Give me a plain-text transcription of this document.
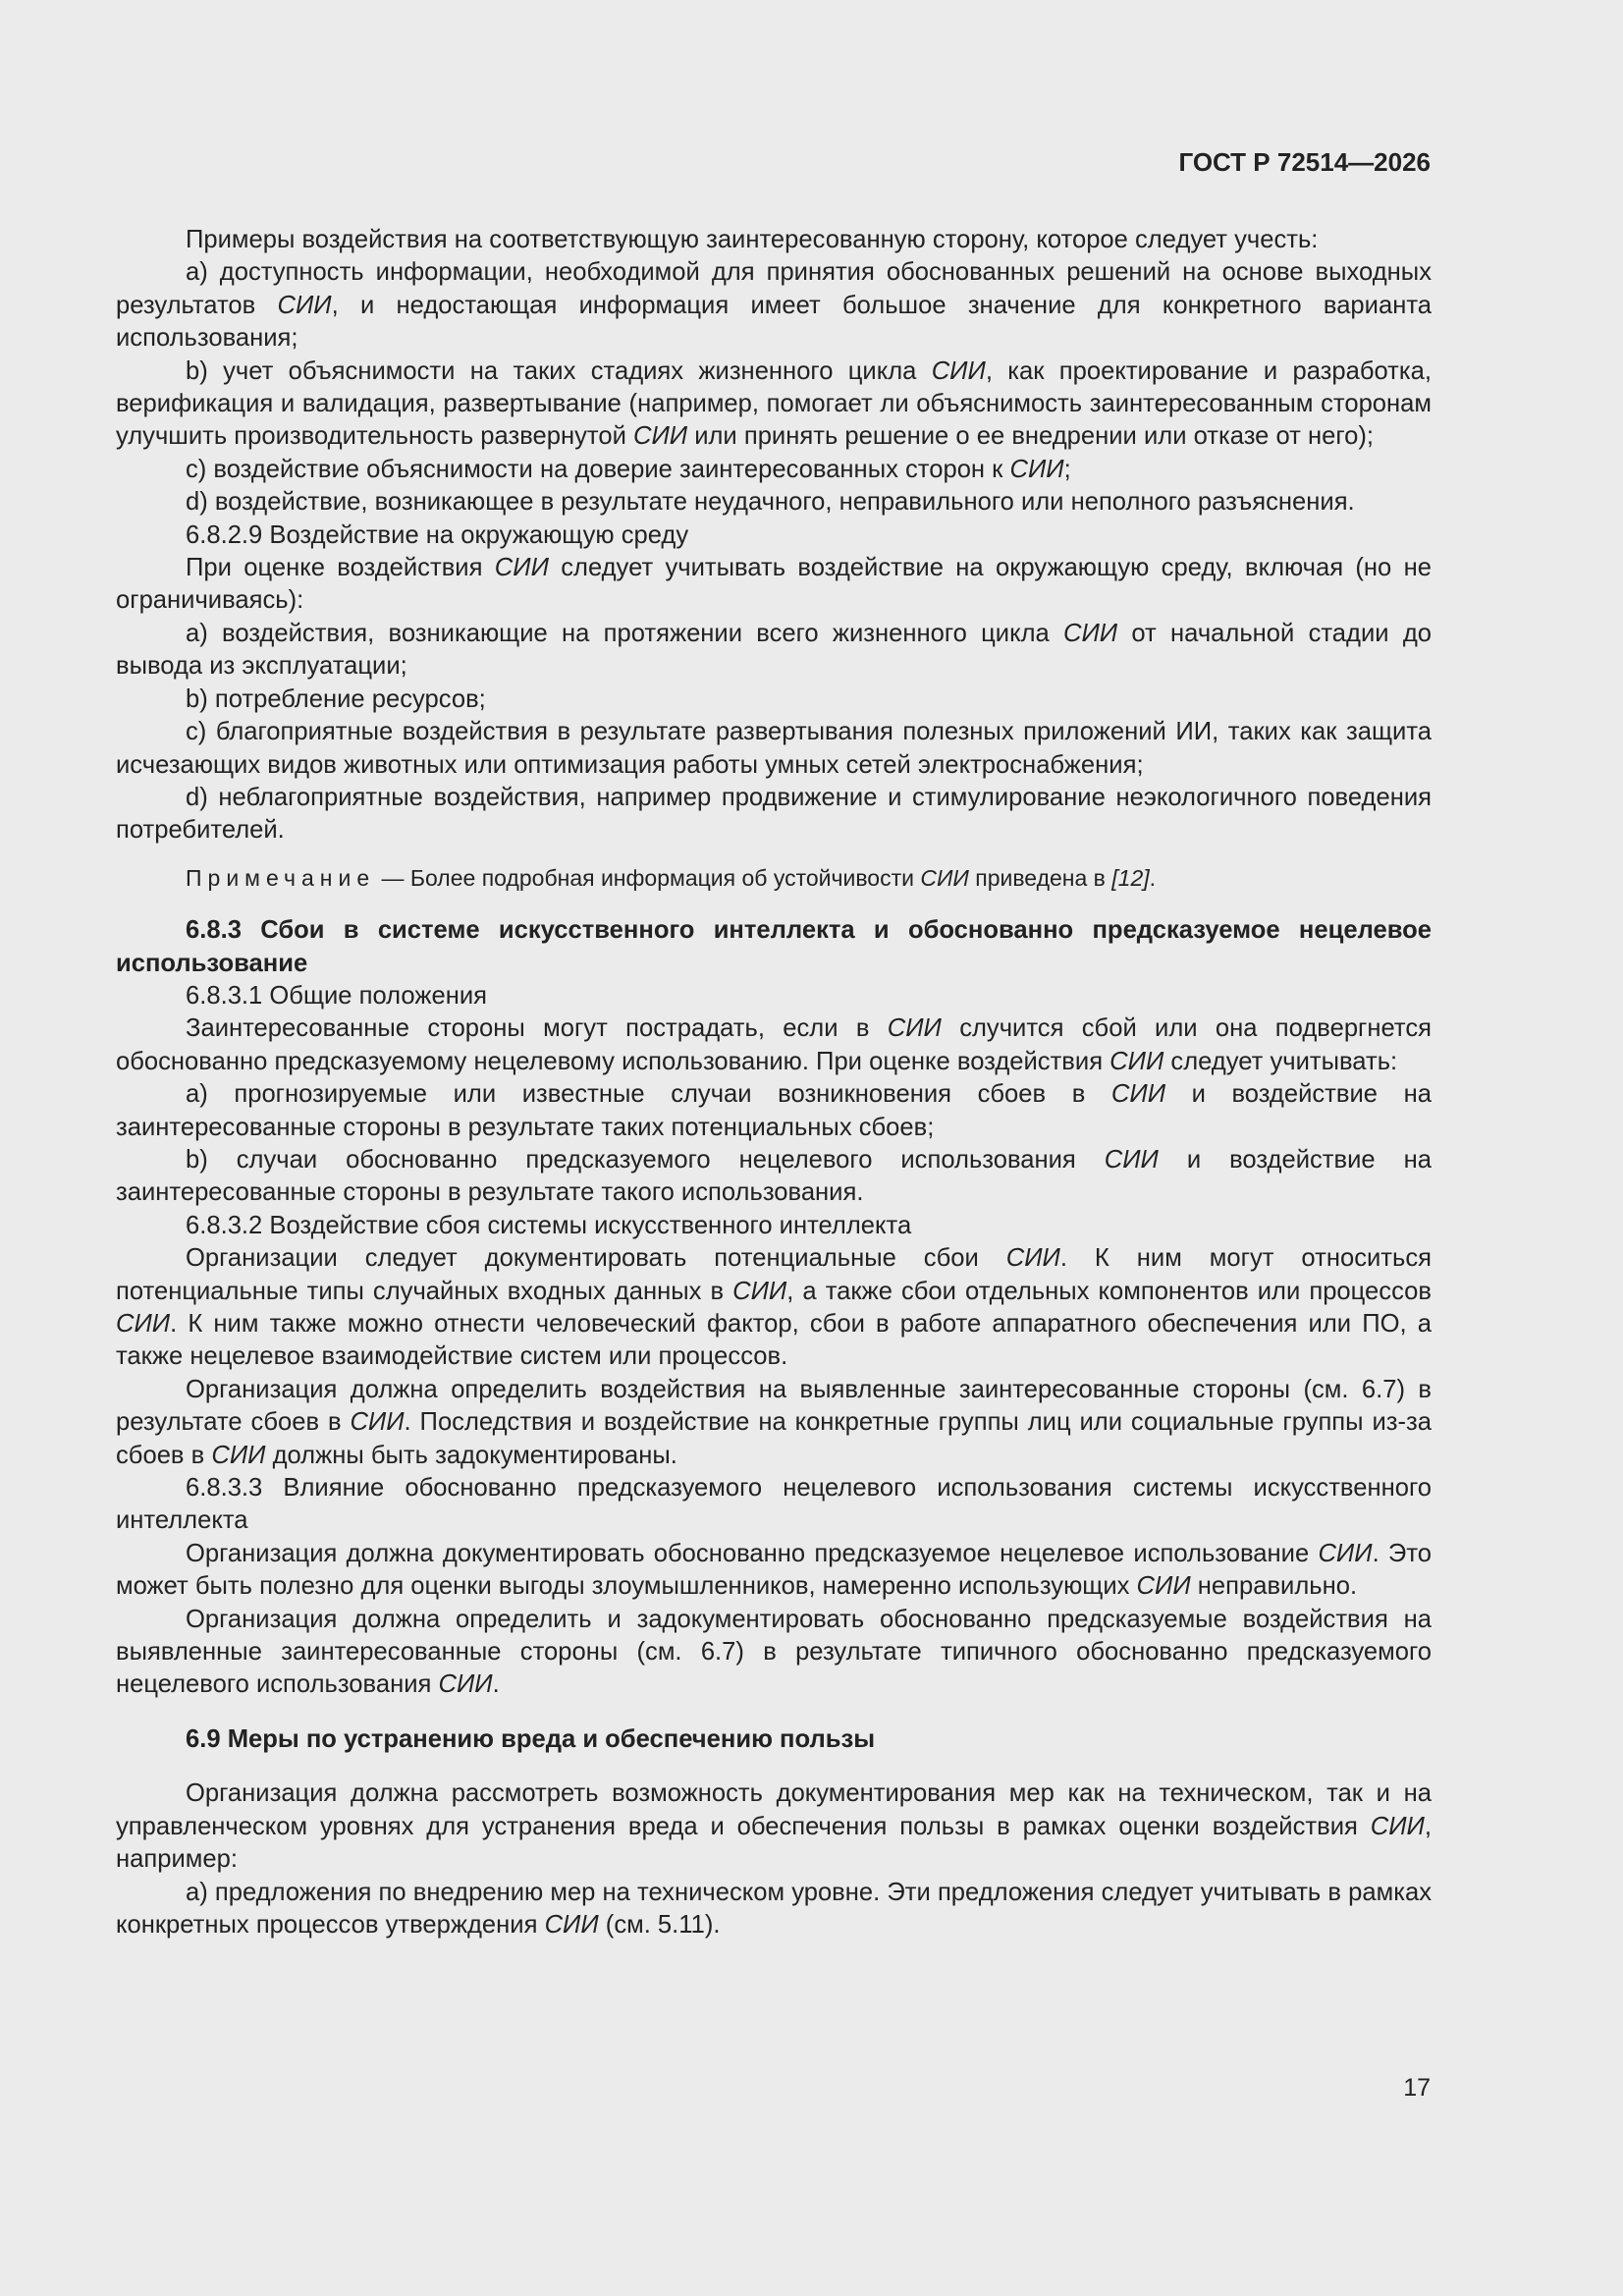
ГОСТ Р 72514—2026

Примеры воздействия на соответствующую заинтересованную сторону, которое следует учесть:

a) доступность информации, необходимой для принятия обоснованных решений на основе выходных результатов СИИ, и недостающая информация имеет большое значение для конкретного варианта использования;

b) учет объяснимости на таких стадиях жизненного цикла СИИ, как проектирование и разработка, верификация и валидация, развертывание (например, помогает ли объяснимость заинтересованным сторонам улучшить производительность развернутой СИИ или принять решение о ее внедрении или отказе от него);

c) воздействие объяснимости на доверие заинтересованных сторон к СИИ;

d) воздействие, возникающее в результате неудачного, неправильного или неполного разъяснения.

6.8.2.9 Воздействие на окружающую среду

При оценке воздействия СИИ следует учитывать воздействие на окружающую среду, включая (но не ограничиваясь):

a) воздействия, возникающие на протяжении всего жизненного цикла СИИ от начальной стадии до вывода из эксплуатации;

b) потребление ресурсов;

c) благоприятные воздействия в результате развертывания полезных приложений ИИ, таких как защита исчезающих видов животных или оптимизация работы умных сетей электроснабжения;

d) неблагоприятные воздействия, например продвижение и стимулирование неэкологичного поведения потребителей.

Примечание — Более подробная информация об устойчивости СИИ приведена в [12].

6.8.3 Сбои в системе искусственного интеллекта и обоснованно предсказуемое нецелевое использование

6.8.3.1 Общие положения

Заинтересованные стороны могут пострадать, если в СИИ случится сбой или она подвергнется обоснованно предсказуемому нецелевому использованию. При оценке воздействия СИИ следует учитывать:

a) прогнозируемые или известные случаи возникновения сбоев в СИИ и воздействие на заинтересованные стороны в результате таких потенциальных сбоев;

b) случаи обоснованно предсказуемого нецелевого использования СИИ и воздействие на заинтересованные стороны в результате такого использования.

6.8.3.2 Воздействие сбоя системы искусственного интеллекта

Организации следует документировать потенциальные сбои СИИ. К ним могут относиться потенциальные типы случайных входных данных в СИИ, а также сбои отдельных компонентов или процессов СИИ. К ним также можно отнести человеческий фактор, сбои в работе аппаратного обеспечения или ПО, а также нецелевое взаимодействие систем или процессов.

Организация должна определить воздействия на выявленные заинтересованные стороны (см. 6.7) в результате сбоев в СИИ. Последствия и воздействие на конкретные группы лиц или социальные группы из-за сбоев в СИИ должны быть задокументированы.

6.8.3.3 Влияние обоснованно предсказуемого нецелевого использования системы искусственного интеллекта

Организация должна документировать обоснованно предсказуемое нецелевое использование СИИ. Это может быть полезно для оценки выгоды злоумышленников, намеренно использующих СИИ неправильно.

Организация должна определить и задокументировать обоснованно предсказуемые воздействия на выявленные заинтересованные стороны (см. 6.7) в результате типичного обоснованно предсказуемого нецелевого использования СИИ.

6.9 Меры по устранению вреда и обеспечению пользы

Организация должна рассмотреть возможность документирования мер как на техническом, так и на управленческом уровнях для устранения вреда и обеспечения пользы в рамках оценки воздействия СИИ, например:

a) предложения по внедрению мер на техническом уровне. Эти предложения следует учитывать в рамках конкретных процессов утверждения СИИ (см. 5.11).

17
